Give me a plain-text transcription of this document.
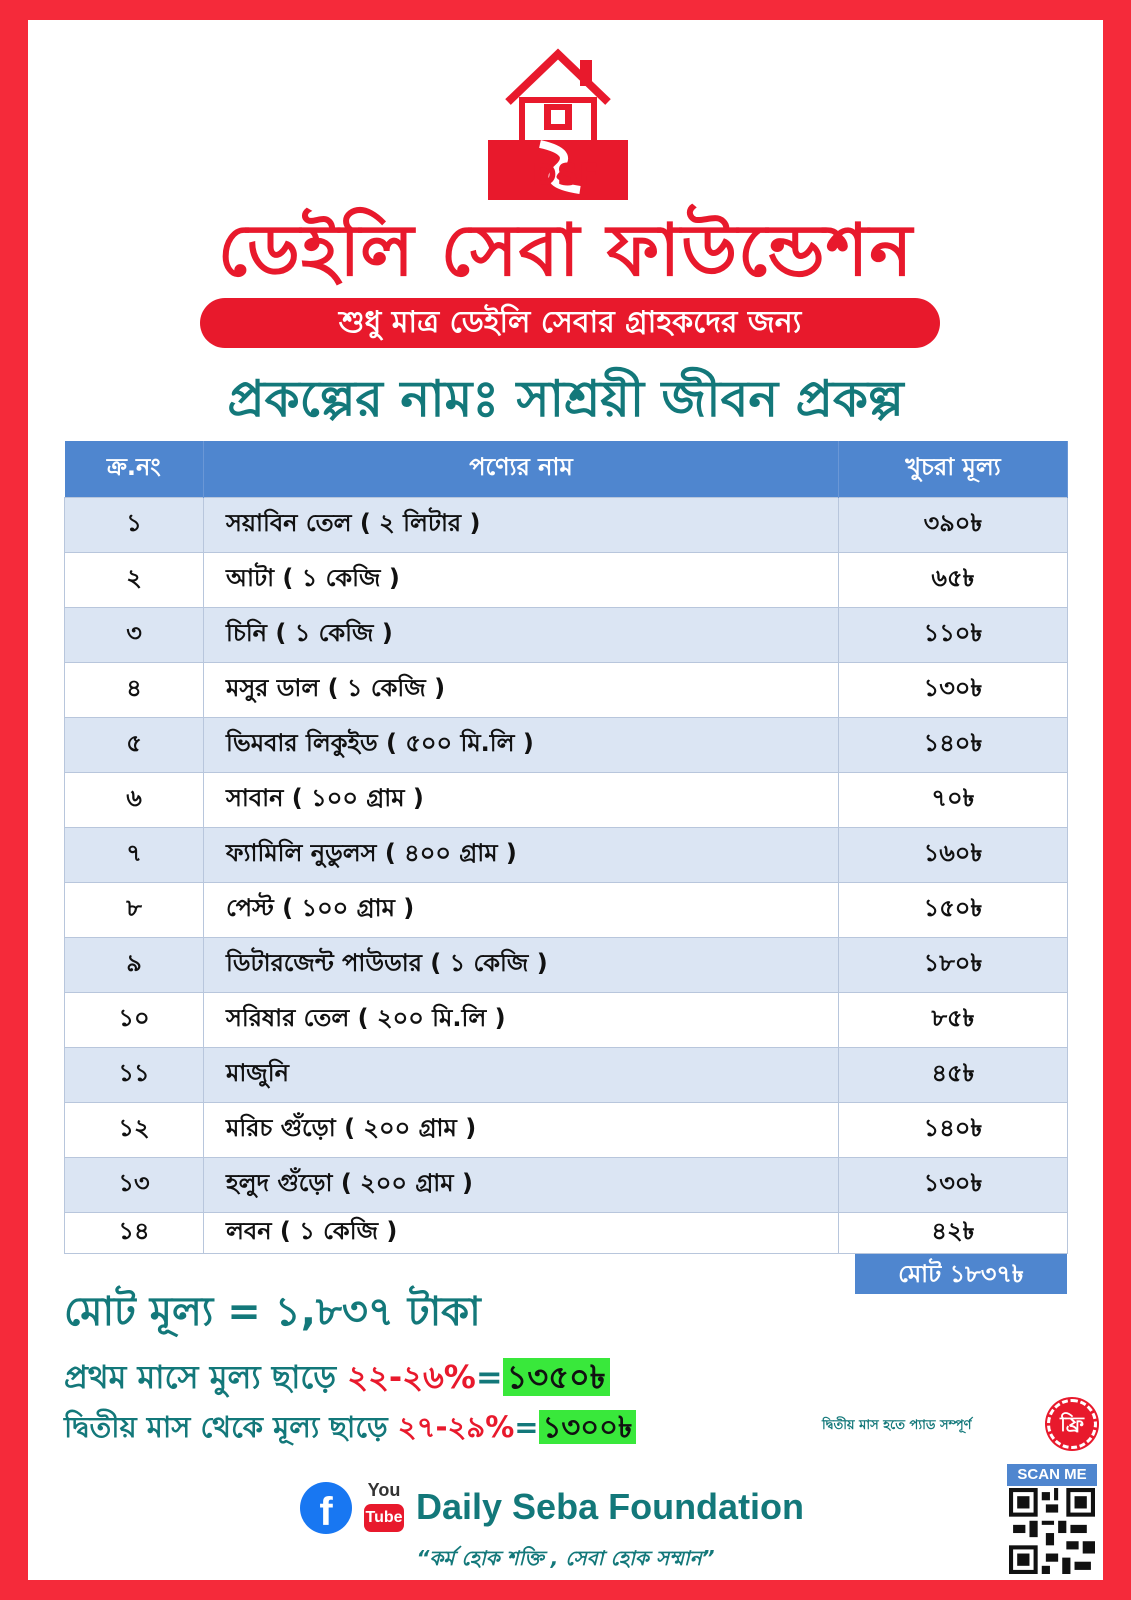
DSF
ডেইলি সেবা ফাউন্ডেশন
শুধু মাত্র ডেইলি সেবার গ্রাহকদের জন্য
প্রকল্পের নামঃ সাশ্রয়ী জীবন প্রকল্প
ক্র.নং	পণ্যের নাম	খুচরা মূল্য
১	সয়াবিন তেল ( ২ লিটার )	৩৯০৳
২	আটা ( ১ কেজি )	৬৫৳
৩	চিনি ( ১ কেজি )	১১০৳
৪	মসুর ডাল ( ১ কেজি )	১৩০৳
৫	ভিমবার লিকুইড ( ৫০০ মি.লি )	১৪০৳
৬	সাবান ( ১০০ গ্রাম )	৭০৳
৭	ফ্যামিলি নুডুলস ( ৪০০ গ্রাম )	১৬০৳
৮	পেস্ট ( ১০০ গ্রাম )	১৫০৳
৯	ডিটারজেন্ট পাউডার ( ১ কেজি )	১৮০৳
১০	সরিষার তেল ( ২০০ মি.লি )	৮৫৳
১১	মাজুনি	৪৫৳
১২	মরিচ গুঁড়ো ( ২০০ গ্রাম )	১৪০৳
১৩	হলুদ গুঁড়ো ( ২০০ গ্রাম )	১৩০৳
১৪	লবন ( ১ কেজি )	৪২৳
মোট ১৮৩৭৳
মোট মূল্য = ১,৮৩৭ টাকা
প্রথম মাসে মুল্য ছাড়ে ২২-২৬%= ১৩৫০৳
দ্বিতীয় মাস থেকে মূল্য ছাড়ে ২৭-২৯%= ১৩০০৳	দ্বিতীয় মাস হতে প্যাড সম্পূর্ণ	ফ্রি
f	You
Tube Daily Seba Foundation
“কর্ম হোক শক্তি , সেবা হোক সম্মান”
SCAN ME
